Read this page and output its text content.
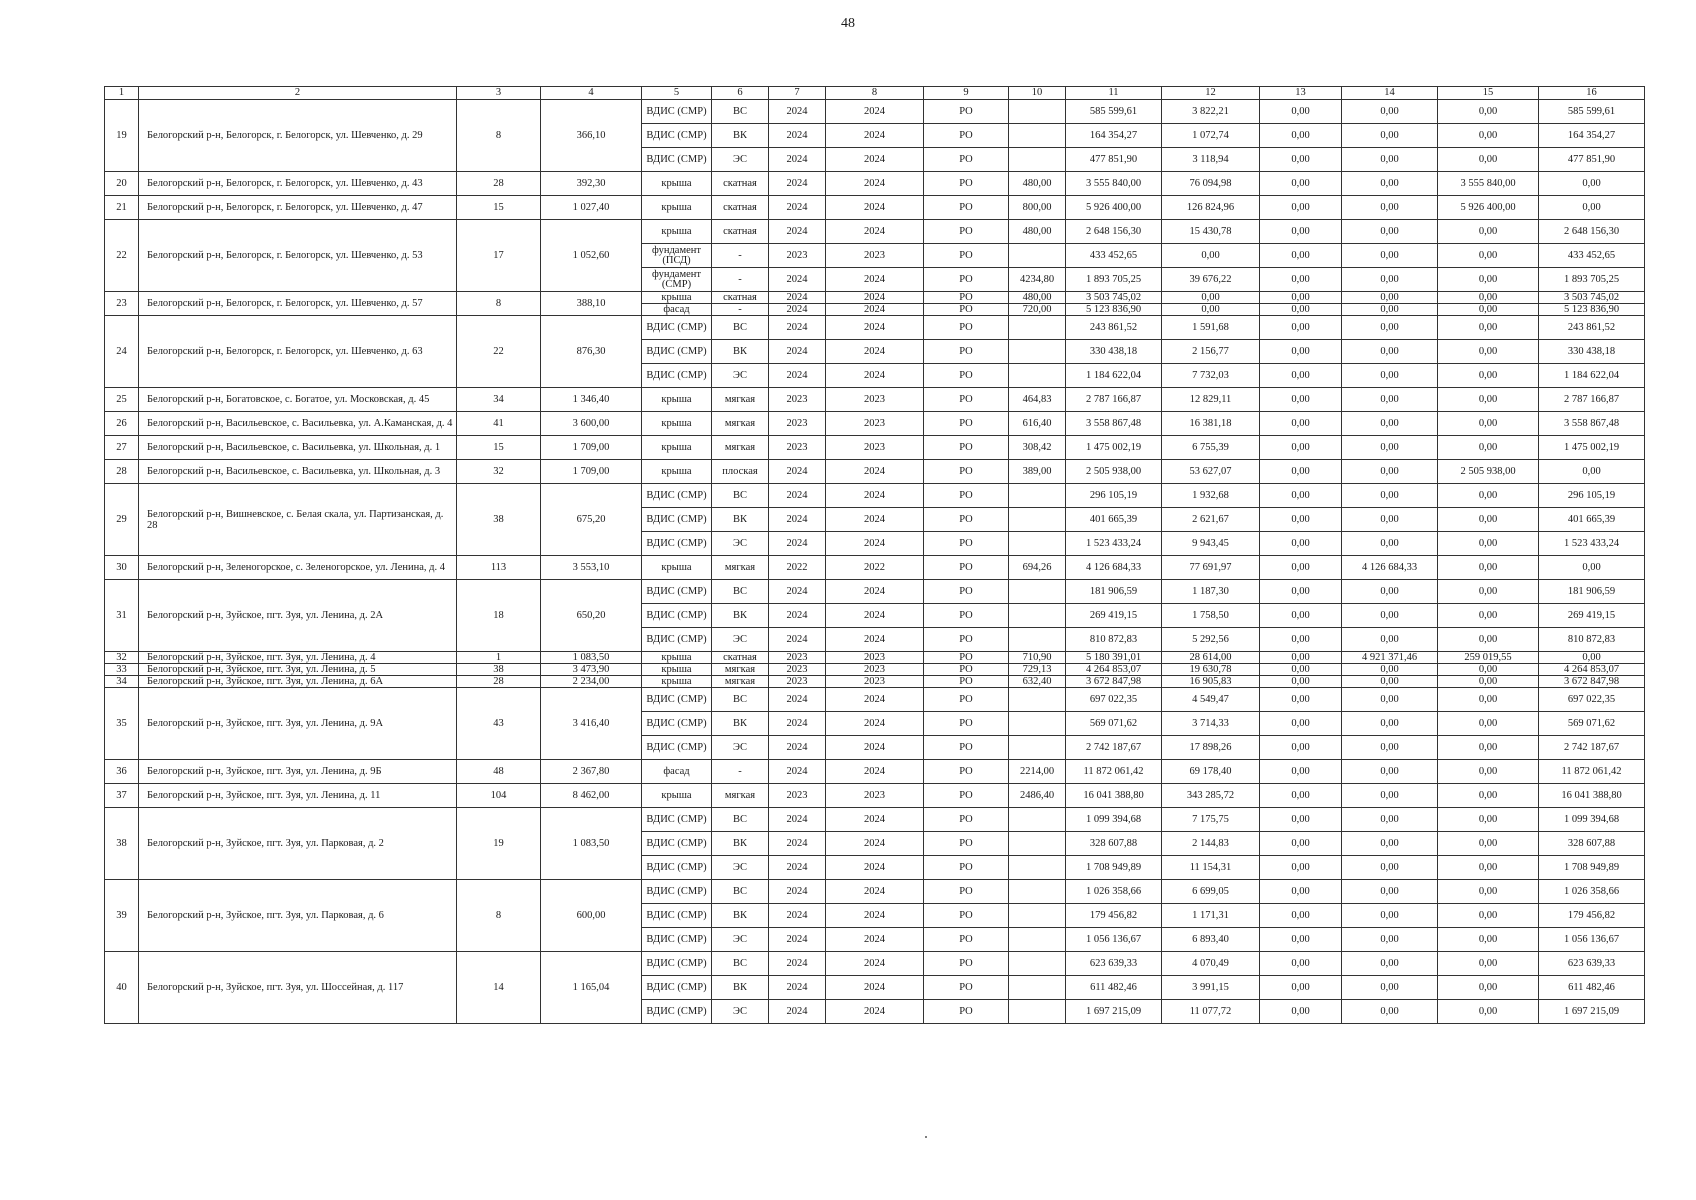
48
1	2	3	4	5	6	7	8	9	10	11	12	13	14	15	16
19	Белогорский р-н, Белогорск, г. Белогорск, ул. Шевченко, д. 29	8	366,10	ВДИС (СМР)	ВС	2024	2024	РО		585 599,61	3 822,21	0,00	0,00	0,00	585 599,61
				ВДИС (СМР)	ВК	2024	2024	РО		164 354,27	1 072,74	0,00	0,00	0,00	164 354,27
				ВДИС (СМР)	ЭС	2024	2024	РО		477 851,90	3 118,94	0,00	0,00	0,00	477 851,90
20	Белогорский р-н, Белогорск, г. Белогорск, ул. Шевченко, д. 43	28	392,30	крыша	скатная	2024	2024	РО	480,00	3 555 840,00	76 094,98	0,00	0,00	3 555 840,00	0,00
21	Белогорский р-н, Белогорск, г. Белогорск, ул. Шевченко, д. 47	15	1 027,40	крыша	скатная	2024	2024	РО	800,00	5 926 400,00	126 824,96	0,00	0,00	5 926 400,00	0,00
22	Белогорский р-н, Белогорск, г. Белогорск, ул. Шевченко, д. 53	17	1 052,60	крыша	скатная	2024	2024	РО	480,00	2 648 156,30	15 430,78	0,00	0,00	0,00	2 648 156,30
				фундамент (ПСД)	-	2023	2023	РО		433 452,65	0,00	0,00	0,00	0,00	433 452,65
				фундамент (СМР)	-	2024	2024	РО	4234,80	1 893 705,25	39 676,22	0,00	0,00	0,00	1 893 705,25
23	Белогорский р-н, Белогорск, г. Белогорск, ул. Шевченко, д. 57	8	388,10	крыша	скатная	2024	2024	РО	480,00	3 503 745,02	0,00	0,00	0,00	0,00	3 503 745,02
				фасад	-	2024	2024	РО	720,00	5 123 836,90	0,00	0,00	0,00	0,00	5 123 836,90
24	Белогорский р-н, Белогорск, г. Белогорск, ул. Шевченко, д. 63	22	876,30	ВДИС (СМР)	ВС	2024	2024	РО		243 861,52	1 591,68	0,00	0,00	0,00	243 861,52
				ВДИС (СМР)	ВК	2024	2024	РО		330 438,18	2 156,77	0,00	0,00	0,00	330 438,18
				ВДИС (СМР)	ЭС	2024	2024	РО		1 184 622,04	7 732,03	0,00	0,00	0,00	1 184 622,04
25	Белогорский р-н, Богатовское, с. Богатое, ул. Московская, д. 45	34	1 346,40	крыша	мягкая	2023	2023	РО	464,83	2 787 166,87	12 829,11	0,00	0,00	0,00	2 787 166,87
26	Белогорский р-н, Васильевское, с. Васильевка, ул. А.Каманская, д. 4	41	3 600,00	крыша	мягкая	2023	2023	РО	616,40	3 558 867,48	16 381,18	0,00	0,00	0,00	3 558 867,48
27	Белогорский р-н, Васильевское, с. Васильевка, ул. Школьная, д. 1	15	1 709,00	крыша	мягкая	2023	2023	РО	308,42	1 475 002,19	6 755,39	0,00	0,00	0,00	1 475 002,19
28	Белогорский р-н, Васильевское, с. Васильевка, ул. Школьная, д. 3	32	1 709,00	крыша	плоская	2024	2024	РО	389,00	2 505 938,00	53 627,07	0,00	0,00	2 505 938,00	0,00
29	Белогорский р-н, Вишневское, с. Белая скала, ул. Партизанская, д. 28	38	675,20	ВДИС (СМР)	ВС	2024	2024	РО		296 105,19	1 932,68	0,00	0,00	0,00	296 105,19
				ВДИС (СМР)	ВК	2024	2024	РО		401 665,39	2 621,67	0,00	0,00	0,00	401 665,39
				ВДИС (СМР)	ЭС	2024	2024	РО		1 523 433,24	9 943,45	0,00	0,00	0,00	1 523 433,24
30	Белогорский р-н, Зеленогорское, с. Зеленогорское, ул. Ленина, д. 4	113	3 553,10	крыша	мягкая	2022	2022	РО	694,26	4 126 684,33	77 691,97	0,00	4 126 684,33	0,00	0,00
31	Белогорский р-н, Зуйское, пгт. Зуя, ул. Ленина, д. 2А	18	650,20	ВДИС (СМР)	ВС	2024	2024	РО		181 906,59	1 187,30	0,00	0,00	0,00	181 906,59
				ВДИС (СМР)	ВК	2024	2024	РО		269 419,15	1 758,50	0,00	0,00	0,00	269 419,15
				ВДИС (СМР)	ЭС	2024	2024	РО		810 872,83	5 292,56	0,00	0,00	0,00	810 872,83
32	Белогорский р-н, Зуйское, пгт. Зуя, ул. Ленина, д. 4	1	1 083,50	крыша	скатная	2023	2023	РО	710,90	5 180 391,01	28 614,00	0,00	4 921 371,46	259 019,55	0,00
33	Белогорский р-н, Зуйское, пгт. Зуя, ул. Ленина, д. 5	38	3 473,90	крыша	мягкая	2023	2023	РО	729,13	4 264 853,07	19 630,78	0,00	0,00	0,00	4 264 853,07
34	Белогорский р-н, Зуйское, пгт. Зуя, ул. Ленина, д. 6А	28	2 234,00	крыша	мягкая	2023	2023	РО	632,40	3 672 847,98	16 905,83	0,00	0,00	0,00	3 672 847,98
35	Белогорский р-н, Зуйское, пгт. Зуя, ул. Ленина, д. 9А	43	3 416,40	ВДИС (СМР)	ВС	2024	2024	РО		697 022,35	4 549,47	0,00	0,00	0,00	697 022,35
				ВДИС (СМР)	ВК	2024	2024	РО		569 071,62	3 714,33	0,00	0,00	0,00	569 071,62
				ВДИС (СМР)	ЭС	2024	2024	РО		2 742 187,67	17 898,26	0,00	0,00	0,00	2 742 187,67
36	Белогорский р-н, Зуйское, пгт. Зуя, ул. Ленина, д. 9Б	48	2 367,80	фасад	-	2024	2024	РО	2214,00	11 872 061,42	69 178,40	0,00	0,00	0,00	11 872 061,42
37	Белогорский р-н, Зуйское, пгт. Зуя, ул. Ленина, д. 11	104	8 462,00	крыша	мягкая	2023	2023	РО	2486,40	16 041 388,80	343 285,72	0,00	0,00	0,00	16 041 388,80
38	Белогорский р-н, Зуйское, пгт. Зуя, ул. Парковая, д. 2	19	1 083,50	ВДИС (СМР)	ВС	2024	2024	РО		1 099 394,68	7 175,75	0,00	0,00	0,00	1 099 394,68
				ВДИС (СМР)	ВК	2024	2024	РО		328 607,88	2 144,83	0,00	0,00	0,00	328 607,88
				ВДИС (СМР)	ЭС	2024	2024	РО		1 708 949,89	11 154,31	0,00	0,00	0,00	1 708 949,89
39	Белогорский р-н, Зуйское, пгт. Зуя, ул. Парковая, д. 6	8	600,00	ВДИС (СМР)	ВС	2024	2024	РО		1 026 358,66	6 699,05	0,00	0,00	0,00	1 026 358,66
				ВДИС (СМР)	ВК	2024	2024	РО		179 456,82	1 171,31	0,00	0,00	0,00	179 456,82
				ВДИС (СМР)	ЭС	2024	2024	РО		1 056 136,67	6 893,40	0,00	0,00	0,00	1 056 136,67
40	Белогорский р-н, Зуйское, пгт. Зуя, ул. Шоссейная, д. 117	14	1 165,04	ВДИС (СМР)	ВС	2024	2024	РО		623 639,33	4 070,49	0,00	0,00	0,00	623 639,33
				ВДИС (СМР)	ВК	2024	2024	РО		611 482,46	3 991,15	0,00	0,00	0,00	611 482,46
				ВДИС (СМР)	ЭС	2024	2024	РО		1 697 215,09	11 077,72	0,00	0,00	0,00	1 697 215,09
